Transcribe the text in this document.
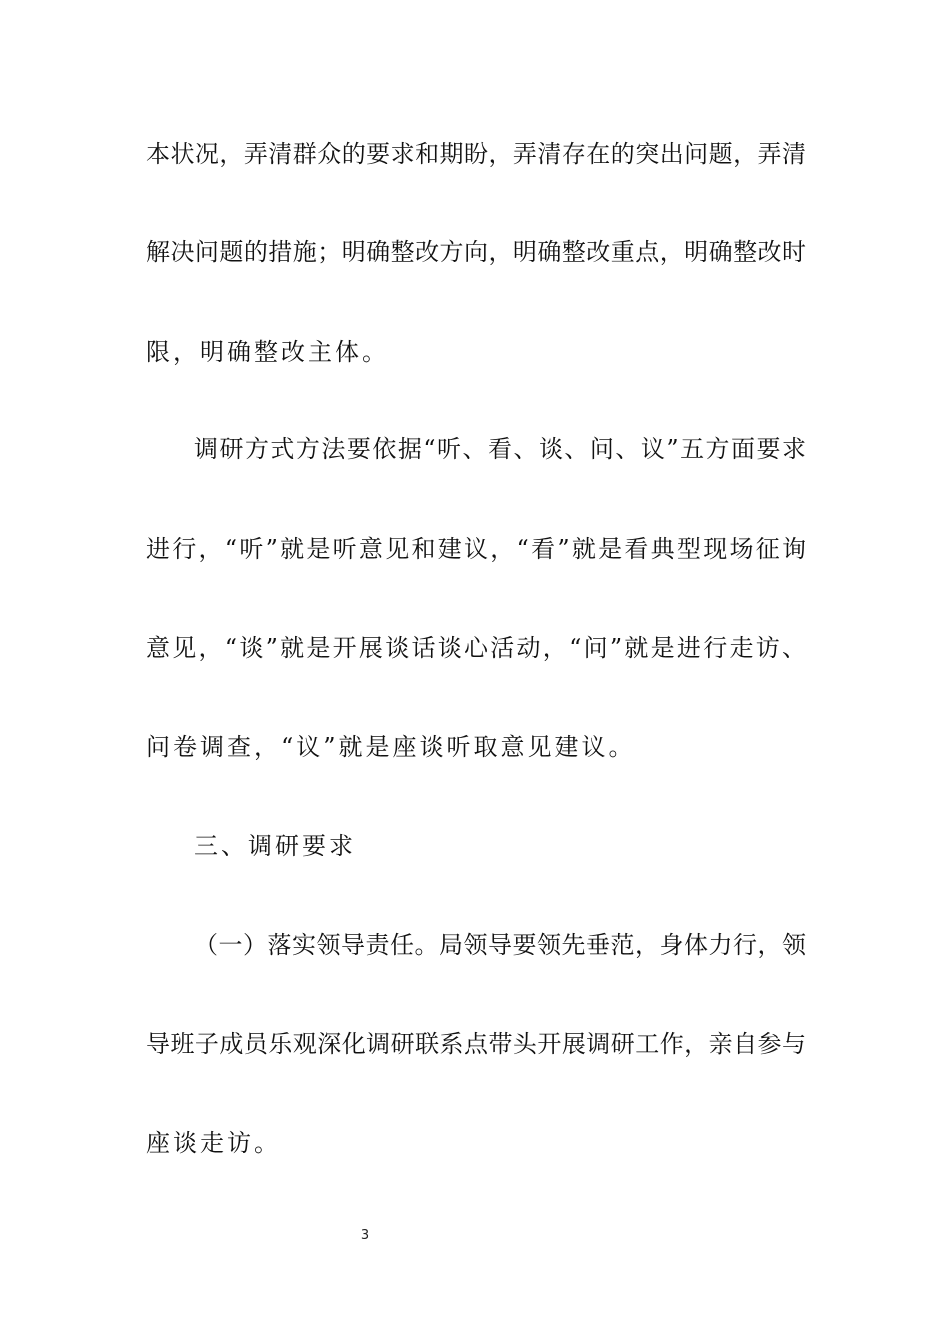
本状况，弄清群众的要求和期盼，弄清存在的突出问题，弄清
解决问题的措施；明确整改方向，明确整改重点，明确整改时
限，明确整改主体。
调研方式方法要依据“听、看、谈、问、议”五方面要求
进行，“听”就是听意见和建议，“看”就是看典型现场征询
意见，“谈”就是开展谈话谈心活动，“问”就是进行走访、
问卷调查，“议”就是座谈听取意见建议。
三、调研要求
（一）落实领导责任。局领导要领先垂范，身体力行，领
导班子成员乐观深化调研联系点带头开展调研工作，亲自参与
座谈走访。
3
